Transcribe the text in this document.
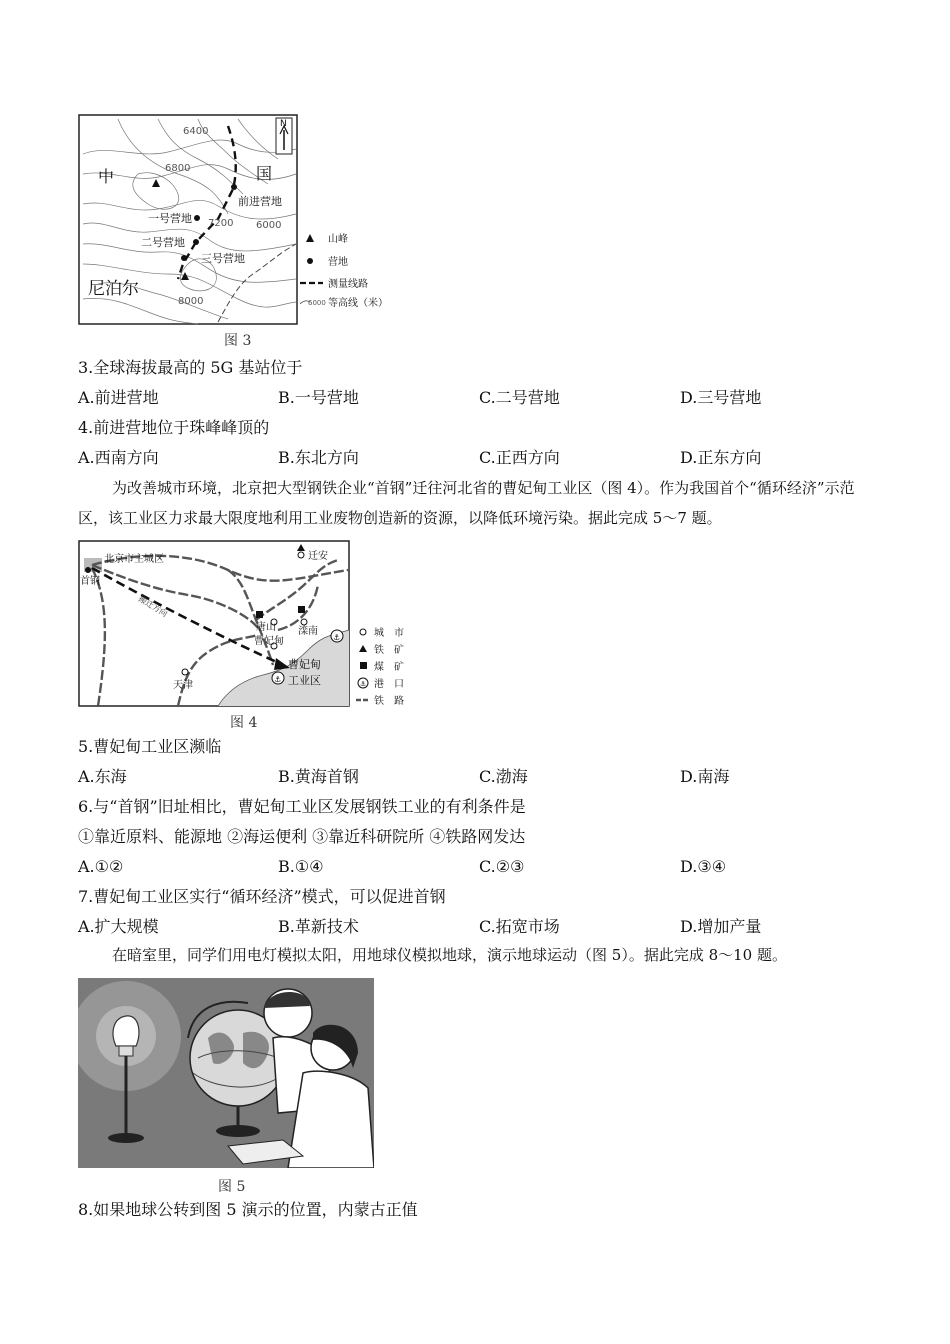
6400
6800
7200 6000
8000
中	国
尼泊尔
前进营地
一号营地
二号营地
三号营地
N
山峰
营地
测量线路
6000 等高线（米）
图 3
3.全球海拔最高的 5G 基站位于
A.前进营地	B.一号营地	C.二号营地	D.三号营地
4.前进营地位于珠峰峰顶的
A.西南方向	B.东北方向	C.正西方向	D.正东方向
为改善城市环境，北京把大型钢铁企业“首钢”迁往河北省的曹妃甸工业区（图 4）。作为我国首个“循环经济”示范区，该工业区力求最大限度地利用工业废物创造新的资源，以降低环境污染。据此完成 5～7 题。
搬迁方向
⚓
⚓
北京市主城区
首钢
迁安
唐山 滦南
曹妃甸
曹妃甸
工业区
天津
城　市
铁　矿
煤　矿
⚓ 港　口
铁　路
图 4
5.曹妃甸工业区濒临
A.东海	B.黄海首钢	C.渤海	D.南海
6.与“首钢”旧址相比，曹妃甸工业区发展钢铁工业的有利条件是
①靠近原料、能源地 ②海运便利 ③靠近科研院所 ④铁路网发达
A.①②	B.①④	C.②③	D.③④
7.曹妃甸工业区实行“循环经济”模式，可以促进首钢
A.扩大规模	B.革新技术	C.拓宽市场	D.增加产量
在暗室里，同学们用电灯模拟太阳，用地球仪模拟地球，演示地球运动（图 5）。据此完成 8～10 题。
图 5
8.如果地球公转到图 5 演示的位置，内蒙古正值
